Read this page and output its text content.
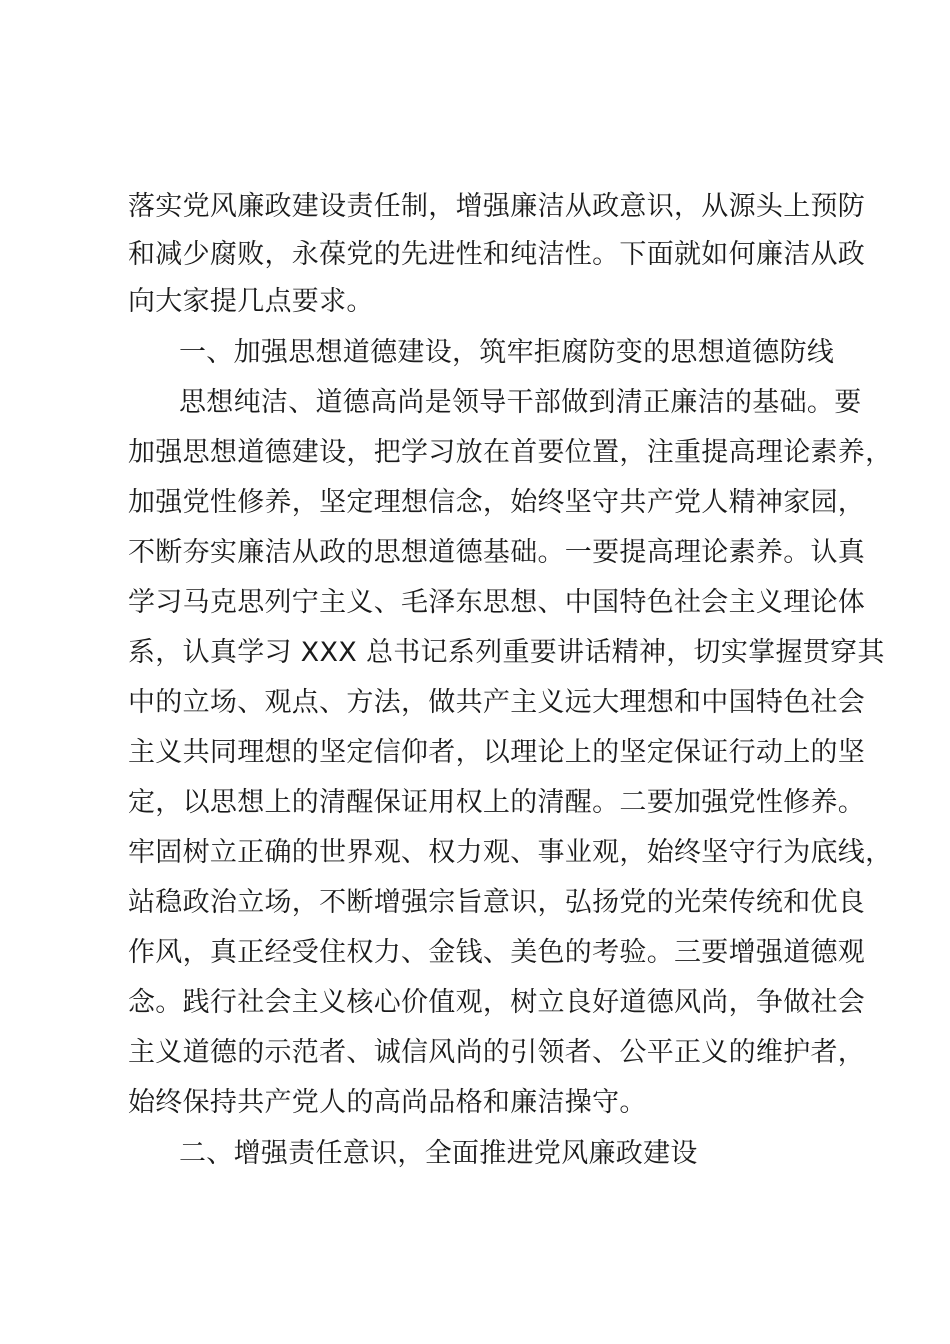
落实党风廉政建设责任制，增强廉洁从政意识，从源头上预防
和减少腐败，永葆党的先进性和纯洁性。下面就如何廉洁从政
向大家提几点要求。
一、加强思想道德建设，筑牢拒腐防变的思想道德防线
思想纯洁、道德高尚是领导干部做到清正廉洁的基础。要
加强思想道德建设，把学习放在首要位置，注重提高理论素养，
加强党性修养，坚定理想信念，始终坚守共产党人精神家园，
不断夯实廉洁从政的思想道德基础。一要提高理论素养。认真
学习马克思列宁主义、毛泽东思想、中国特色社会主义理论体
系，认真学习 XXX 总书记系列重要讲话精神，切实掌握贯穿其
中的立场、观点、方法，做共产主义远大理想和中国特色社会
主义共同理想的坚定信仰者，以理论上的坚定保证行动上的坚
定，以思想上的清醒保证用权上的清醒。二要加强党性修养。
牢固树立正确的世界观、权力观、事业观，始终坚守行为底线，
站稳政治立场，不断增强宗旨意识，弘扬党的光荣传统和优良
作风，真正经受住权力、金钱、美色的考验。三要增强道德观
念。践行社会主义核心价值观，树立良好道德风尚，争做社会
主义道德的示范者、诚信风尚的引领者、公平正义的维护者，
始终保持共产党人的高尚品格和廉洁操守。
二、增强责任意识，全面推进党风廉政建设
